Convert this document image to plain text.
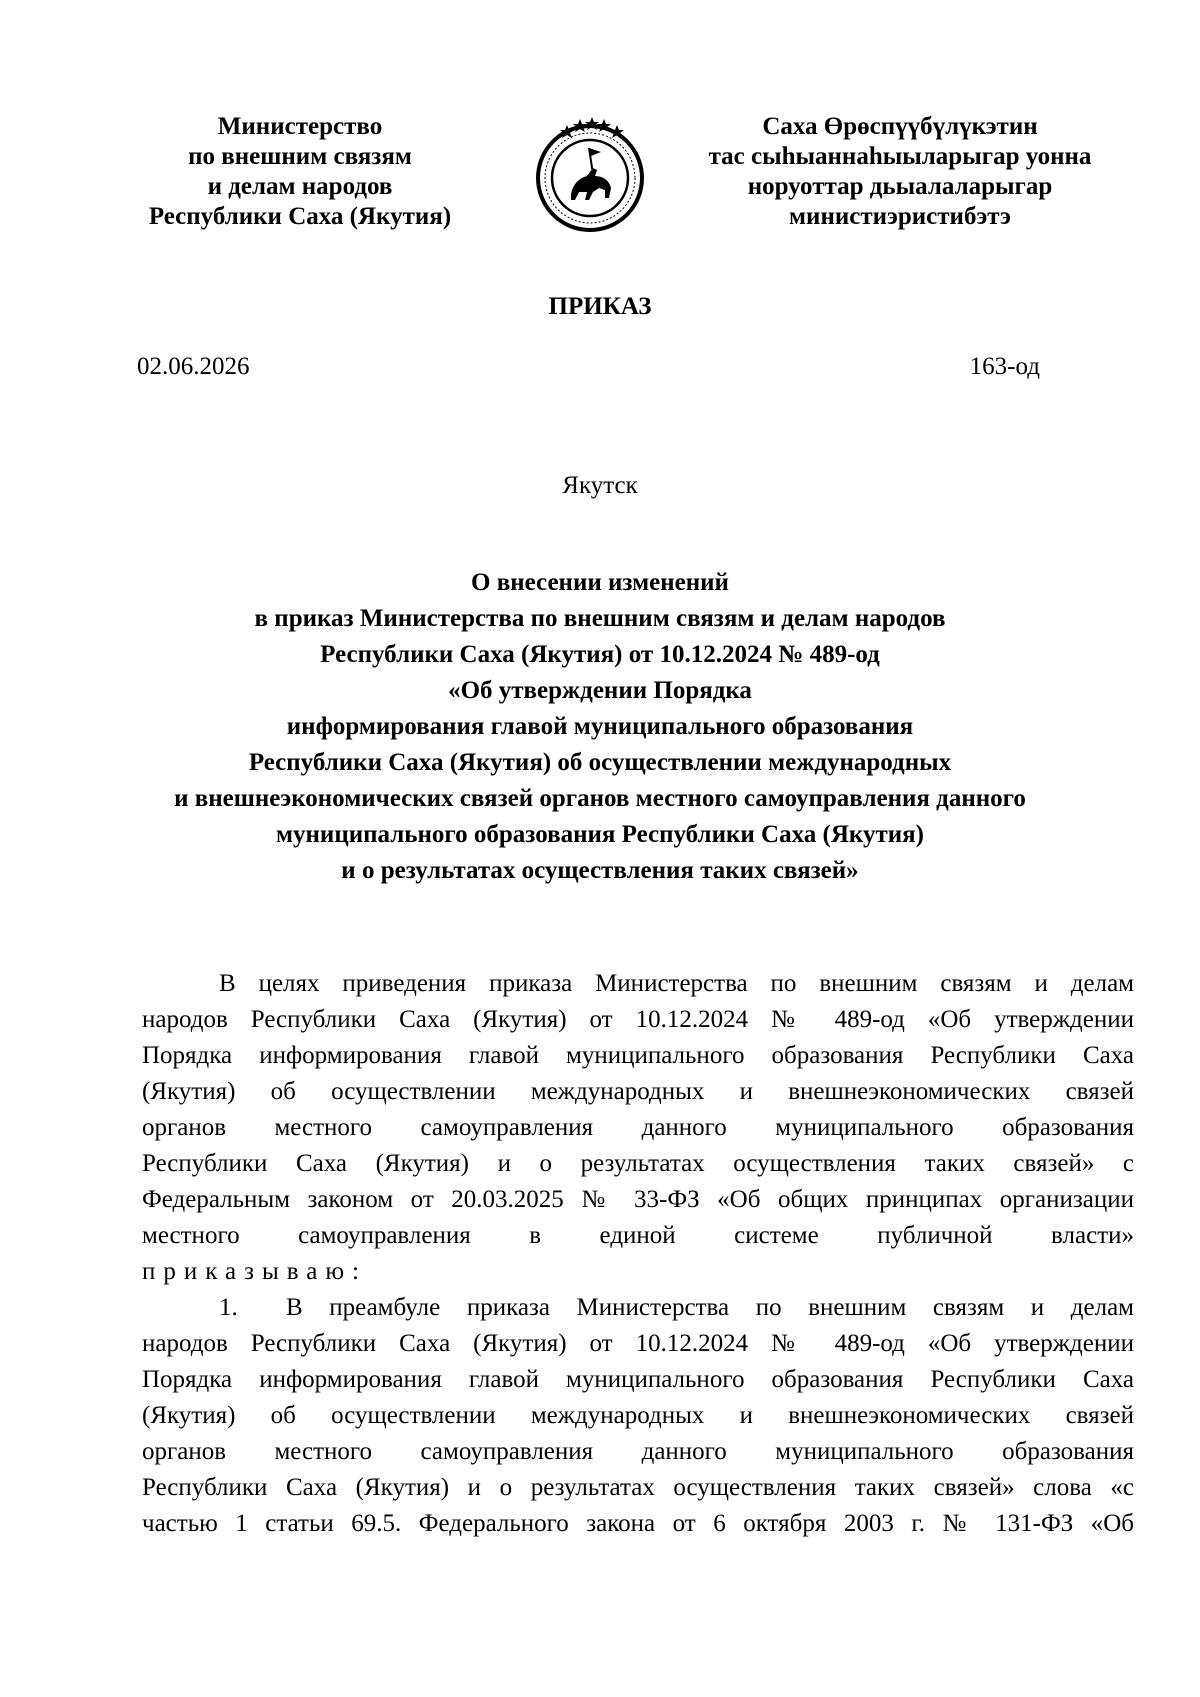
Министерство
по внешним связям
и делам народов
Республики Саха (Якутия)
Саха Өрөспүүбүлүкэтин
тас сыһыаннаһыыларыгар уонна
норуоттар дьыалаларыгар
министиэристибэтэ
ПРИКАЗ
02.06.2026	163-од
Якутск
О внесении изменений
в приказ Министерства по внешним связям и делам народов
Республики Саха (Якутия) от 10.12.2024 № 489-од
«Об утверждении Порядка
информирования главой муниципального образования
Республики Саха (Якутия) об осуществлении международных
и внешнеэкономических связей органов местного самоуправления данного
муниципального образования Республики Саха (Якутия)
и о результатах осуществления таких связей»
В целях приведения приказа Министерства по внешним связям и делам
народов Республики Саха (Якутия) от 10.12.2024 № 489-од «Об утверждении
Порядка информирования главой муниципального образования Республики Саха
(Якутия) об осуществлении международных и внешнеэкономических связей
органов местного самоуправления данного муниципального образования
Республики Саха (Якутия) и о результатах осуществления таких связей» с
Федеральным законом от 20.03.2025 № 33-ФЗ «Об общих принципах организации
местного самоуправления в единой системе публичной власти»
приказываю:
1. В преамбуле приказа Министерства по внешним связям и делам
народов Республики Саха (Якутия) от 10.12.2024 № 489-од «Об утверждении
Порядка информирования главой муниципального образования Республики Саха
(Якутия) об осуществлении международных и внешнеэкономических связей
органов местного самоуправления данного муниципального образования
Республики Саха (Якутия) и о результатах осуществления таких связей» слова «с
частью 1 статьи 69.5. Федерального закона от 6 октября 2003 г. № 131-ФЗ «Об
